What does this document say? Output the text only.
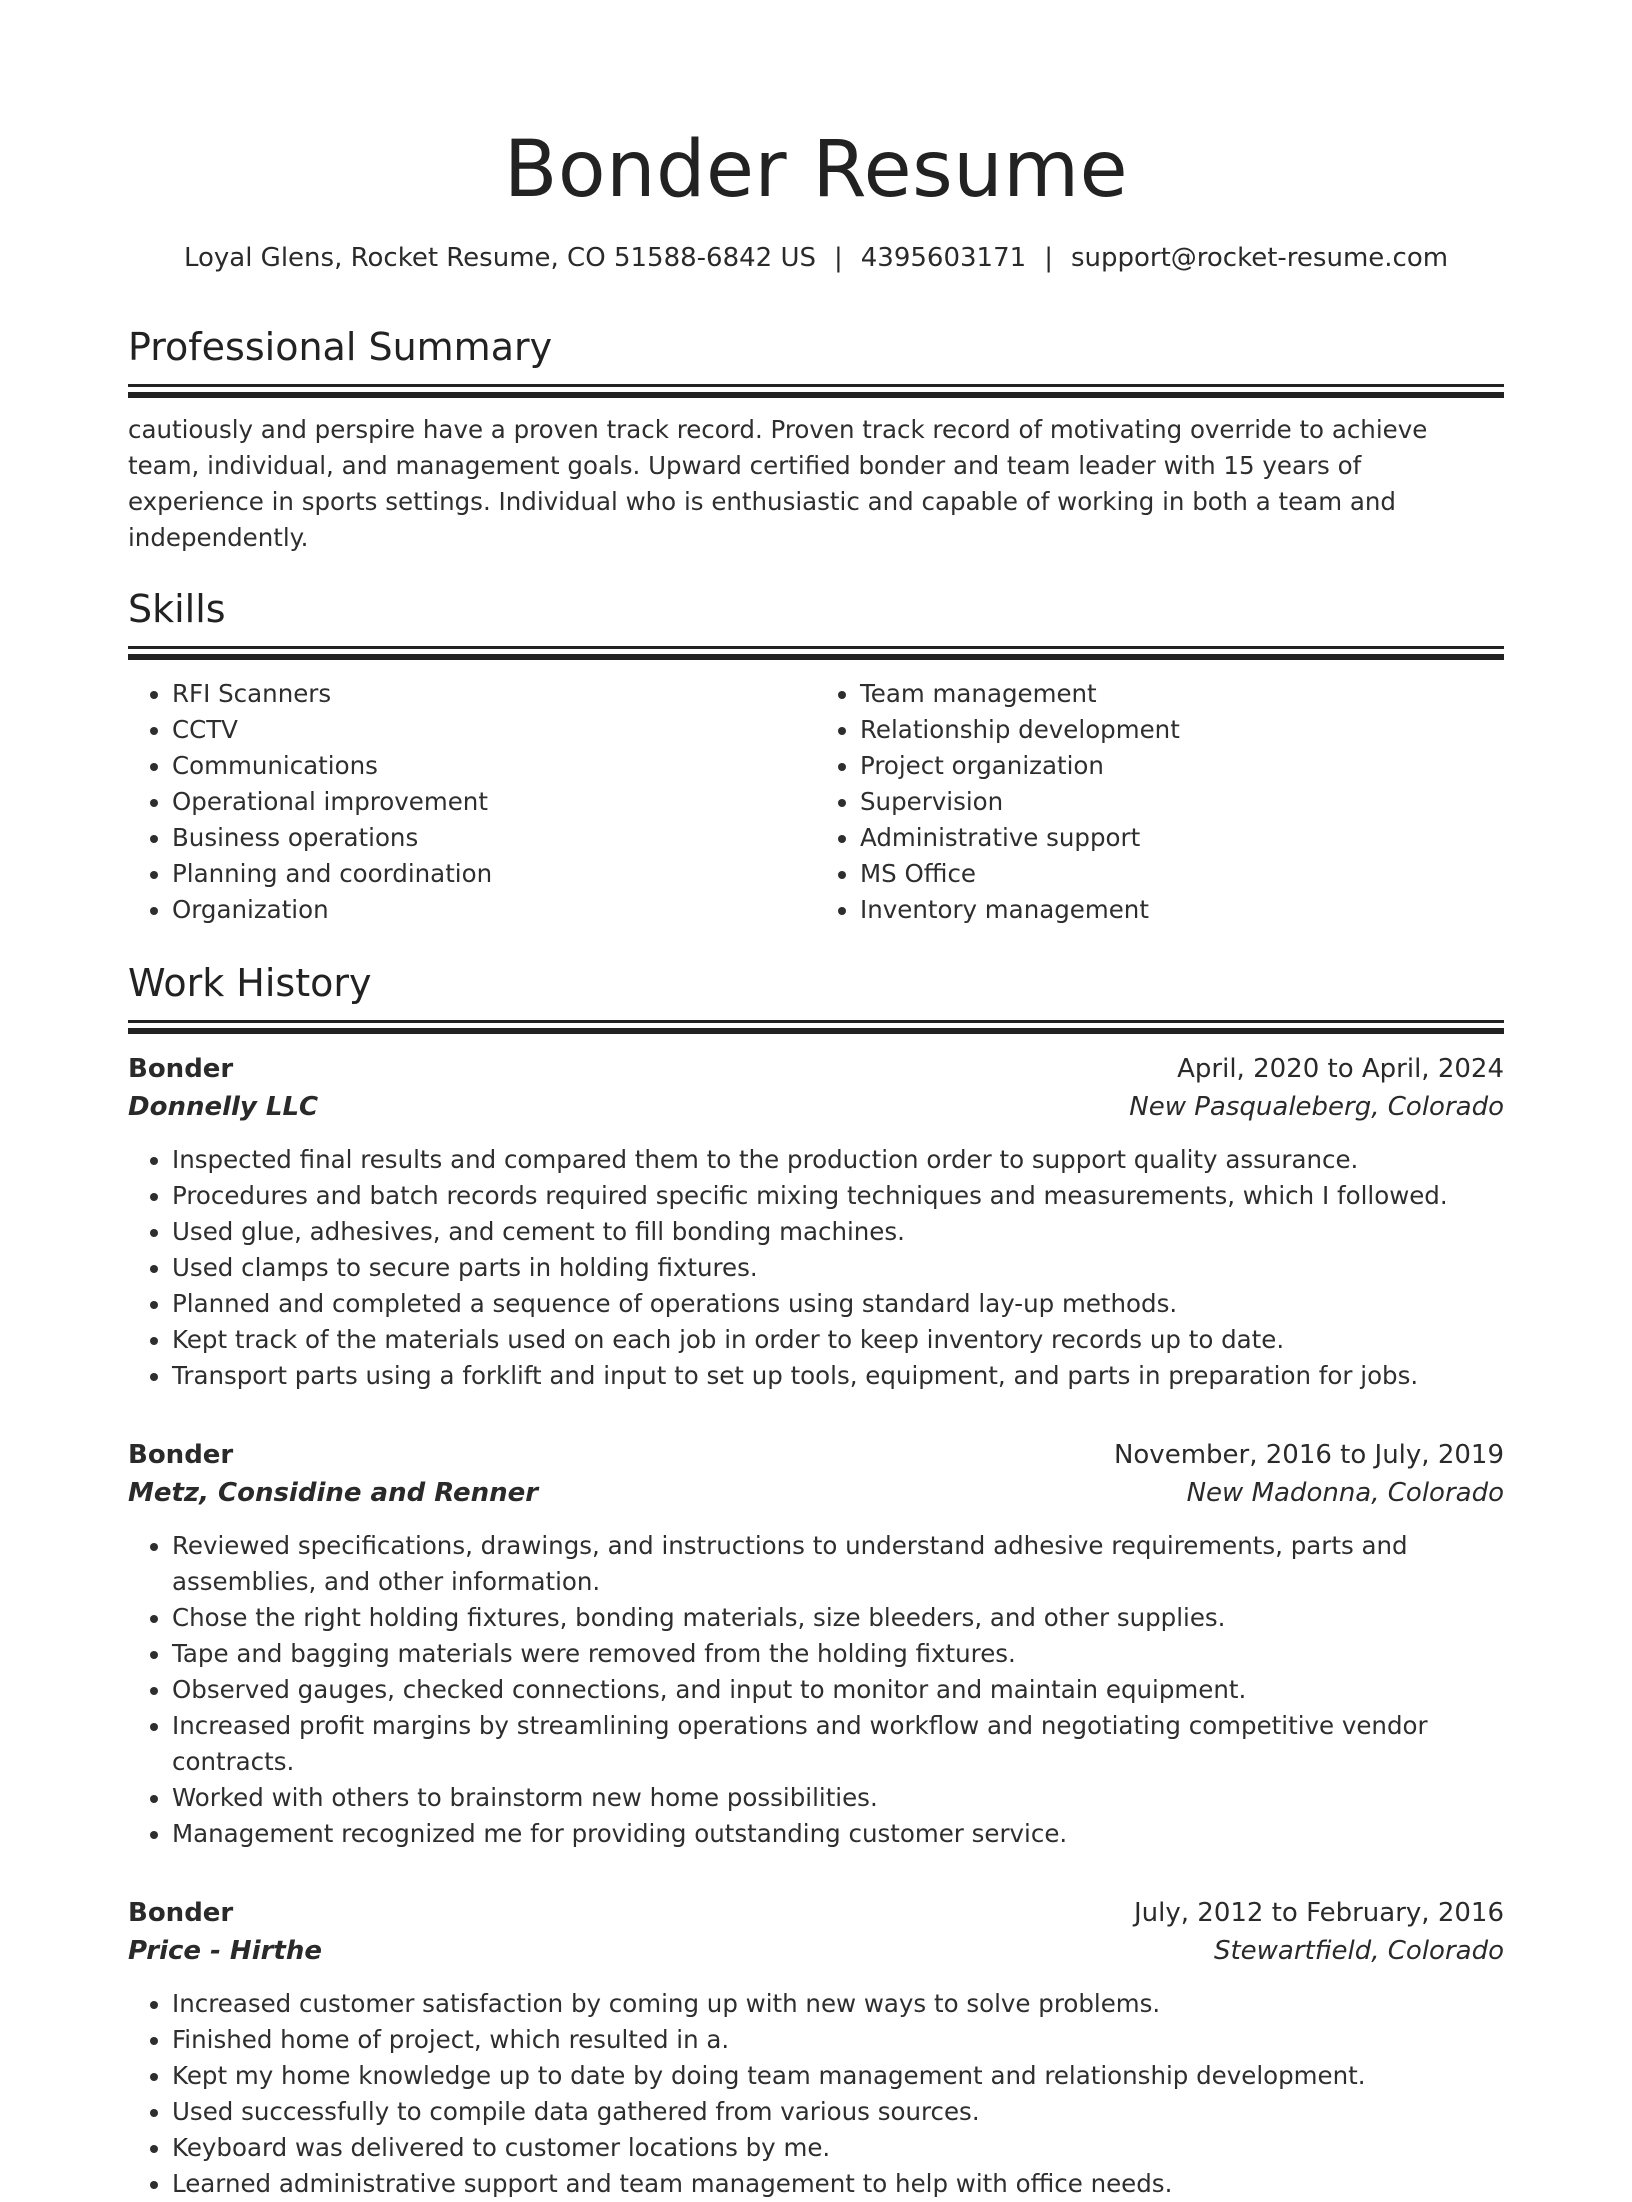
Bonder Resume
Loyal Glens, Rocket Resume, CO 51588-6842 US | 4395603171 | support@rocket-resume.com
Professional Summary

cautiously and perspire have a proven track record. Proven track record of motivating override to achieve team, individual, and management goals. Upward certified bonder and team leader with 15 years of experience in sports settings. Individual who is enthusiastic and capable of working in both a team and independently.

Skills
• RFI Scanners
• CCTV
• Communications
• Operational improvement
• Business operations
• Planning and coordination
• Organization
• Team management
• Relationship development
• Project organization
• Supervision
• Administrative support
• MS Office
• Inventory management
Work History
Bonder	April, 2020 to April, 2024
Donnelly LLC	New Pasqualeberg, Colorado
• Inspected final results and compared them to the production order to support quality assurance.
• Procedures and batch records required specific mixing techniques and measurements, which I followed.
• Used glue, adhesives, and cement to fill bonding machines.
• Used clamps to secure parts in holding fixtures.
• Planned and completed a sequence of operations using standard lay-up methods.
• Kept track of the materials used on each job in order to keep inventory records up to date.
• Transport parts using a forklift and input to set up tools, equipment, and parts in preparation for jobs.
Bonder	November, 2016 to July, 2019
Metz, Considine and Renner	New Madonna, Colorado
• Reviewed specifications, drawings, and instructions to understand adhesive requirements, parts and assemblies, and other information.
• Chose the right holding fixtures, bonding materials, size bleeders, and other supplies.
• Tape and bagging materials were removed from the holding fixtures.
• Observed gauges, checked connections, and input to monitor and maintain equipment.
• Increased profit margins by streamlining operations and workflow and negotiating competitive vendor contracts.
• Worked with others to brainstorm new home possibilities.
• Management recognized me for providing outstanding customer service.
Bonder	July, 2012 to February, 2016
Price - Hirthe	Stewartfield, Colorado
• Increased customer satisfaction by coming up with new ways to solve problems.
• Finished home of project, which resulted in a.
• Kept my home knowledge up to date by doing team management and relationship development.
• Used successfully to compile data gathered from various sources.
• Keyboard was delivered to customer locations by me.
• Learned administrative support and team management to help with office needs.
